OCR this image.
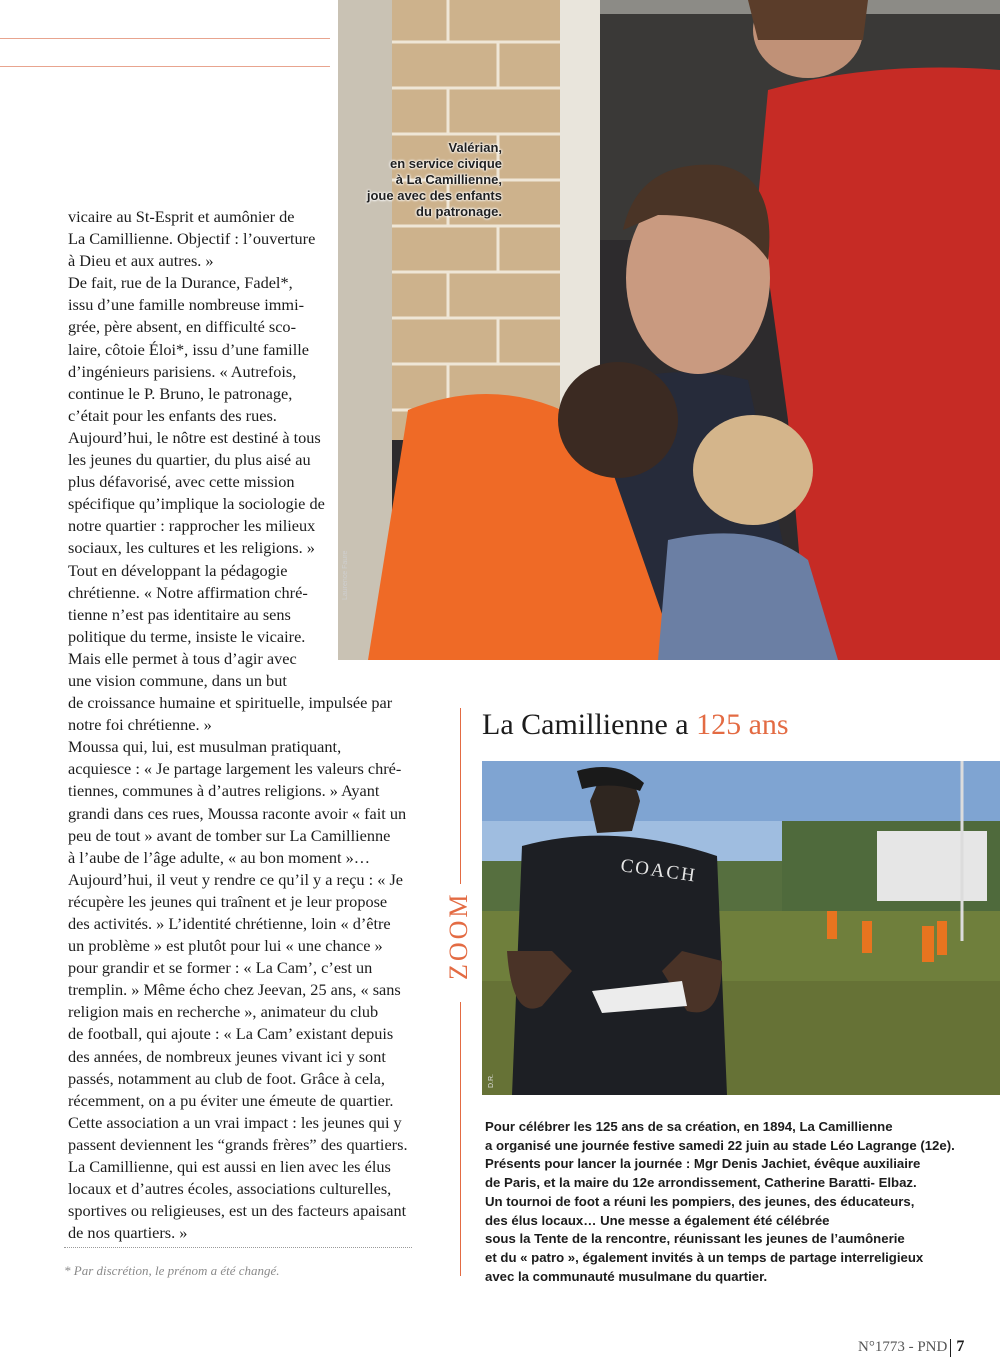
Valérian,
en service civique
à La Camillienne,
joue avec des enfants
du patronage.
Laurence Faure

vicaire au St-Esprit et aumônier de

La Camillienne. Objectif : l’ouverture

à Dieu et aux autres. »

De fait, rue de la Durance, Fadel*,

issu d’une famille nombreuse immi-

grée, père absent, en difficulté sco-

laire, côtoie Éloi*, issu d’une famille

d’ingénieurs parisiens. « Autrefois,

continue le P. Bruno, le patronage,

c’était pour les enfants des rues.

Aujourd’hui, le nôtre est destiné à tous

les jeunes du quartier, du plus aisé au

plus défavorisé, avec cette mission

spécifique qu’implique la sociologie de

notre quartier : rapprocher les milieux

sociaux, les cultures et les religions. »

Tout en développant la pédagogie

chrétienne. « Notre affirmation chré-

tienne n’est pas identitaire au sens

politique du terme, insiste le vicaire.

Mais elle permet à tous d’agir avec

une vision commune, dans un but

de croissance humaine et spirituelle, impulsée par

notre foi chrétienne. »

Moussa qui, lui, est musulman pratiquant,

acquiesce : « Je partage largement les valeurs chré-

tiennes, communes à d’autres religions. » Ayant

grandi dans ces rues, Moussa raconte avoir « fait un

peu de tout » avant de tomber sur La Camillienne

à l’aube de l’âge adulte, « au bon moment »…

Aujourd’hui, il veut y rendre ce qu’il y a reçu : « Je

récupère les jeunes qui traînent et je leur propose

des activités. » L’identité chrétienne, loin « d’être

un problème » est plutôt pour lui « une chance »

pour grandir et se former : « La Cam’, c’est un

tremplin. » Même écho chez Jeevan, 25 ans, « sans

religion mais en recherche », animateur du club

de football, qui ajoute : « La Cam’ existant depuis

des années, de nombreux jeunes vivant ici y sont

passés, notamment au club de foot. Grâce à cela,

récemment, on a pu éviter une émeute de quartier.

Cette association a un vrai impact : les jeunes qui y

passent deviennent les “grands frères” des quartiers.

La Camillienne, qui est aussi en lien avec les élus

locaux et d’autres écoles, associations culturelles,

sportives ou religieuses, est un des facteurs apaisant

de nos quartiers. »

* Par discrétion, le prénom a été changé.
ZOOM
La Camillienne a 125 ans
COACH
D.R.

Pour célébrer les 125 ans de sa création, en 1894, La Camillienne

a organisé une journée festive samedi 22 juin au stade Léo Lagrange (12e).

Présents pour lancer la journée : Mgr Denis Jachiet, évêque auxiliaire

de Paris, et la maire du 12e arrondissement, Catherine Baratti- Elbaz.

Un tournoi de foot a réuni les pompiers, des jeunes, des éducateurs,

des élus locaux… Une messe a également été célébrée

sous la Tente de la rencontre, réunissant les jeunes de l’aumônerie

et du « patro », également invités à un temps de partage interreligieux

avec la communauté musulmane du quartier.

N°1773 - PND 7
